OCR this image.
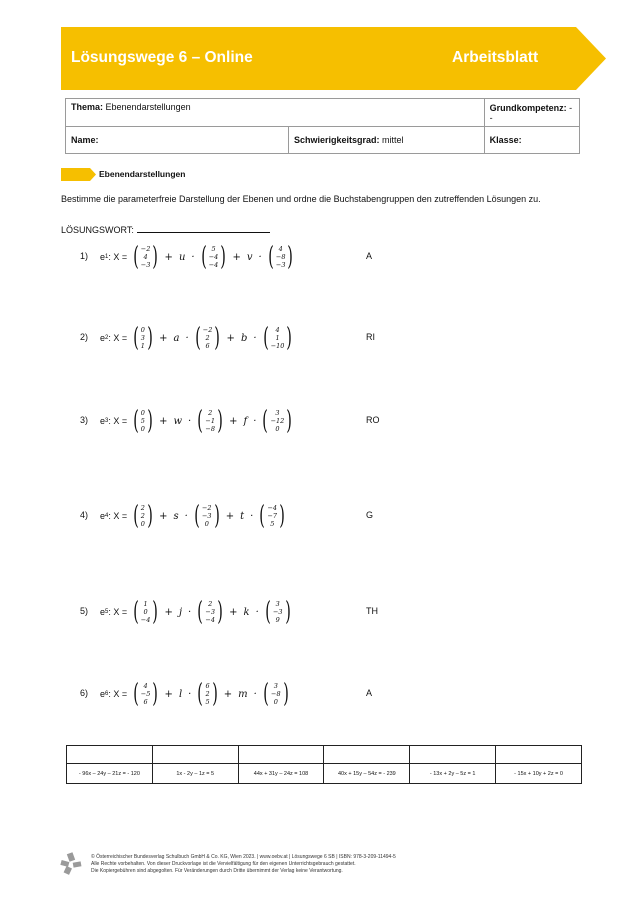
Lösungswege 6 – Online	Arbeitsblatt
Thema: Ebenendarstellungen		Grundkompetenz: --
Name:	Schwierigkeitsgrad: mittel	Klasse:
Ebenendarstellungen
Bestimme die parameterfreie Darstellung der Ebenen und ordne die Buchstabengruppen den zutreffenden Lösungen zu.
LÖSUNGSWORT:
1) e 1 : X =
( −2
4
−3 ) + u · ( 5
−4
−4 ) + v · ( 4
−8
−3 )	A
2) e 2 : X =
( 0
3
1 ) + a · ( −2
2
6 ) + b · ( 4
1
−10 )	RI
3) e 3 : X =
( 0
5
0 ) + w · ( 2
−1
−8 ) + f · ( 3
−12
0 )	RO
4) e 4 : X =
( 2
2
0 ) + s · ( −2
−3
0 ) + t · ( −4
−7
5 )	G
5) e 5 : X =
( 1
0
−4 ) + j · ( 2
−3
−4 ) + k · ( 3
−3
9 )	TH
6) e 6 : X =
( 4
−5
6 ) + l · ( 6
2
5 ) + m · ( 3
−8
0 )	A

- 96x – 24y – 21z = - 120	1x - 2y – 1z = 5	44x + 31y – 24z = 108	40x + 15y – 54z = - 239	- 13x + 2y – 5z = 1	- 15x + 10y + 2z = 0
© Österreichischer Bundesverlag Schulbuch GmbH & Co. KG, Wien 2023. | www.oebv.at | Lösungswege 6 SB | ISBN: 978-3-209-11494-5
Alle Rechte vorbehalten. Von dieser Druckvorlage ist die Vervielfältigung für den eigenen Unterrichtsgebrauch gestattet.
Die Kopiergebühren sind abgegolten. Für Veränderungen durch Dritte übernimmt der Verlag keine Verantwortung.
